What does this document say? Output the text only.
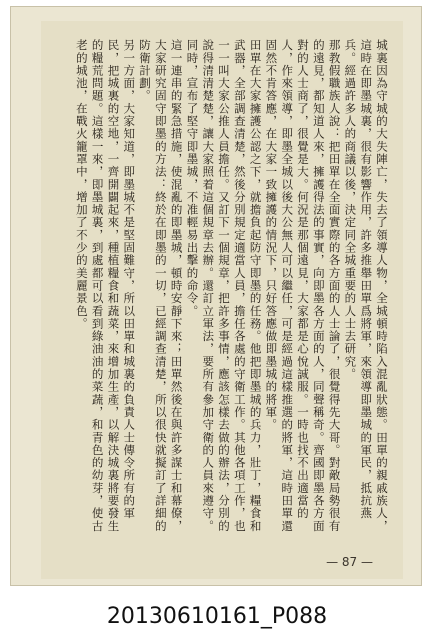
城裏因為守城的大失陣亡，失去了領導人物，全城頓時陷入混亂狀態。田單的親戚族人，這時在即墨城裏，很有影響作用，許多推舉田單爲將軍，來領導即墨城的軍民，抵抗燕兵。經過許多人的商議以後，決定同全城重要的人士去研究。

那教假職族人說：把田單在全面實際的各方面的人士論了，很覺得先大哥。對敵局勢很有的遠見，都知道人來，擁護得法的事實，向即墨各方面的人，同聲稱奇。齊國即墨各方面對的人士商了，很覺是大。何況是那個遠見，大家都是心悅誠服。一時也找不出適當的人，作來領導，即墨全城以後大公無人可以繼任，可是經過這樣推選的將軍，這時田單還固然不肯答應，在大家一致擁護的情況下，只好答應做即墨城的將軍。

田單在大家擁護公認之下，就擔負起防守即墨的任務。他把即墨城的兵力，壯丁，糧食和武器，全部調查清楚，然後分別規定適當人員，擔任各處的守衛工作。其他各項工作，也一一叫大家公推人員擔任。又訂下一個規章，把許多事情，應該怎樣去做的辦法，分別的說得清清楚楚，讓大家照着這個規章去辦。還訂立軍法，要所有參加守衛的人員來遵守。同時，宣布了堅守即墨城，不准輕易出擊的命令。

這一連串的緊急措施，使混亂的即墨城，頓時安靜下來；田單然後在與許多謀士和幕僚，大家研究固守即墨的方法：終於在即墨的一切，已經調查清楚，所以很快就擬訂了詳細的防衛計劃。

另一方面，大家知道，即墨城不是堅固難守，所以田單和城裏的負責人士傳令所有的軍民，把城裏的空地，一齊開闢起來，種植糧食和蔬菜，來增加生產，以解決城裏將要發生的糧荒問題。這樣一來，即墨城裏，到處都可以看到綠油油的菜蔬，和青色的幼芽，使古老的城池，在戰火籠罩中，增加了不少的美麗景色。

— 87 —
20130610161_P088
